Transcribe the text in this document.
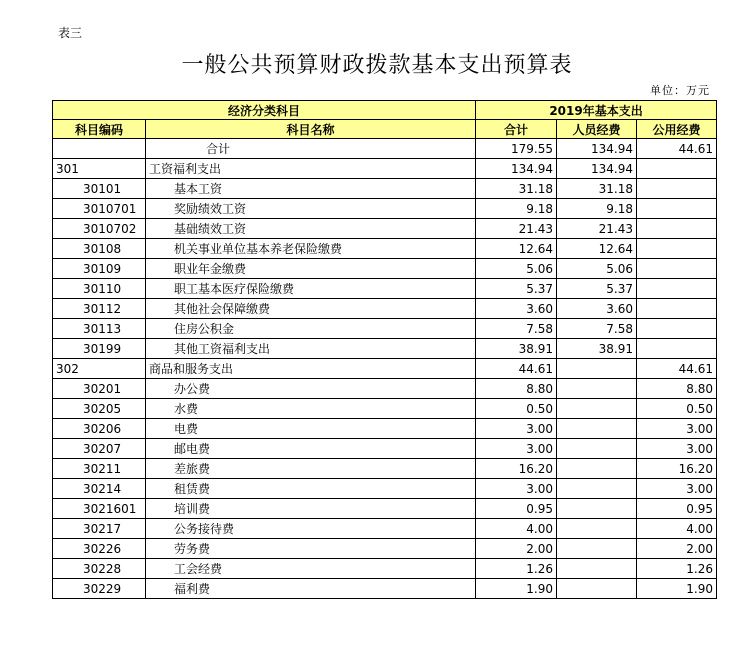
表三
一般公共预算财政拨款基本支出预算表
单位：万元
经济分类科目		2019年基本支出		
科目编码	科目名称	合计	人员经费	公用经费
	合计	179.55	134.94	44.61
301	工资福利支出	134.94	134.94	
30101	基本工资	31.18	31.18	
3010701	奖励绩效工资	9.18	9.18	
3010702	基础绩效工资	21.43	21.43	
30108	机关事业单位基本养老保险缴费	12.64	12.64	
30109	职业年金缴费	5.06	5.06	
30110	职工基本医疗保险缴费	5.37	5.37	
30112	其他社会保障缴费	3.60	3.60	
30113	住房公积金	7.58	7.58	
30199	其他工资福利支出	38.91	38.91	
302	商品和服务支出	44.61		44.61
30201	办公费	8.80		8.80
30205	水费	0.50		0.50
30206	电费	3.00		3.00
30207	邮电费	3.00		3.00
30211	差旅费	16.20		16.20
30214	租赁费	3.00		3.00
3021601	培训费	0.95		0.95
30217	公务接待费	4.00		4.00
30226	劳务费	2.00		2.00
30228	工会经费	1.26		1.26
30229	福利费	1.90		1.90
